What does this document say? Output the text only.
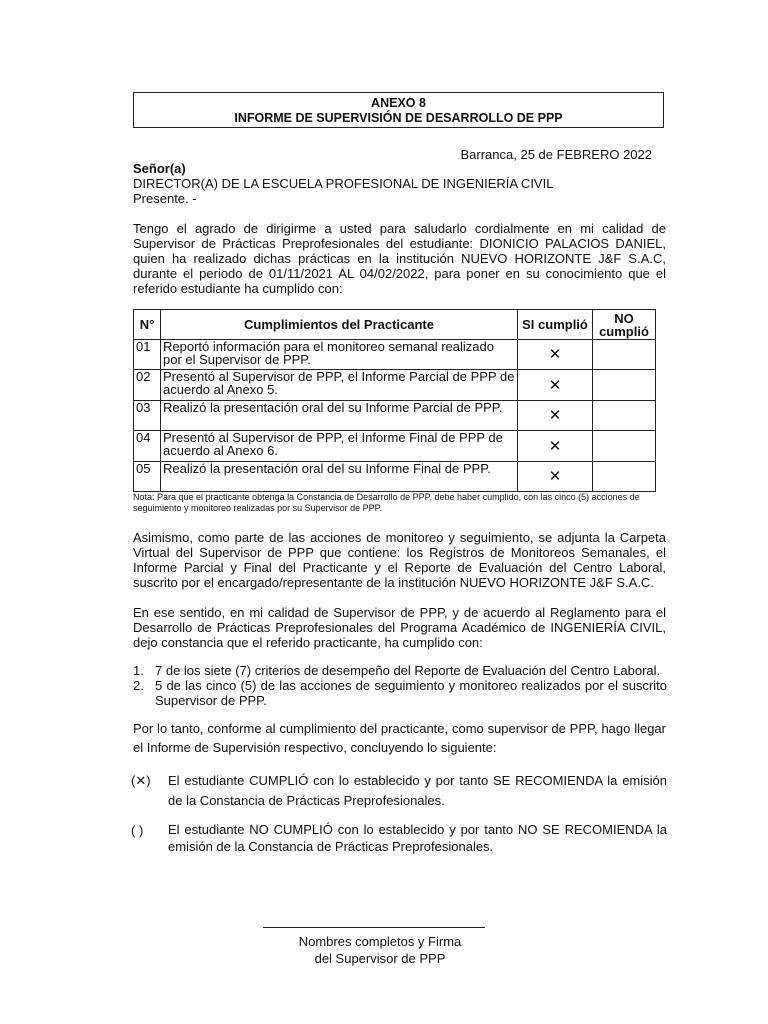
ANEXO 8
INFORME DE SUPERVISIÓN DE DESARROLLO DE PPP
Barranca, 25 de FEBRERO 2022
Señor(a)
DIRECTOR(A) DE LA ESCUELA PROFESIONAL DE INGENIERÍA CIVIL
Presente. -
Tengo el agrado de dirigirme a usted para saludarlo cordialmente en mi calidad de Supervisor de Prácticas Preprofesionales del estudiante: DIONICIO PALACIOS DANIEL, quien ha realizado dichas prácticas en la institución NUEVO HORIZONTE J&F S.A.C, durante el periodo de 01/11/2021 AL 04/02/2022, para poner en su conocimiento que el referido estudiante ha cumplido con:
N°	Cumplimientos del Practicante	SI cumplió	NO cumplió
01	Reportó información para el monitoreo semanal realizado por el Supervisor de PPP.	✕	
02	Presentó al Supervisor de PPP, el Informe Parcial de PPP de acuerdo al Anexo 5.	✕	
03	Realizó la presentación oral del su Informe Parcial de PPP.	✕	
04	Presentó al Supervisor de PPP, el Informe Final de PPP de acuerdo al Anexo 6.	✕	
05	Realizó la presentación oral del su Informe Final de PPP.	✕	
Nota: Para que el practicante obtenga la Constancia de Desarrollo de PPP, debe haber cumplido, con las cinco (5) acciones de seguimiento y monitoreo realizadas por su Supervisor de PPP.
Asimismo, como parte de las acciones de monitoreo y seguimiento, se adjunta la Carpeta Virtual del Supervisor de PPP que contiene: los Registros de Monitoreos Semanales, el Informe Parcial y Final del Practicante y el Reporte de Evaluación del Centro Laboral, suscrito por el encargado/representante de la institución NUEVO HORIZONTE J&F S.A.C.
En ese sentido, en mi calidad de Supervisor de PPP, y de acuerdo al Reglamento para el Desarrollo de Prácticas Preprofesionales del Programa Académico de INGENIERÍA CIVIL, dejo constancia que el referido practicante, ha cumplido con:
1. 7 de los siete (7) criterios de desempeño del Reporte de Evaluación del Centro Laboral.
2. 5 de las cinco (5) de las acciones de seguimiento y monitoreo realizados por el suscrito Supervisor de PPP.
Por lo tanto, conforme al cumplimiento del practicante, como supervisor de PPP, hago llegar el Informe de Supervisión respectivo, concluyendo lo siguiente:
(✕)	El estudiante CUMPLIÓ con lo establecido y por tanto SE RECOMIENDA la emisión de la Constancia de Prácticas Preprofesionales.
( )	El estudiante NO CUMPLIÓ con lo establecido y por tanto NO SE RECOMIENDA la emisión de la Constancia de Prácticas Preprofesionales.
Nombres completos y Firma
del Supervisor de PPP
